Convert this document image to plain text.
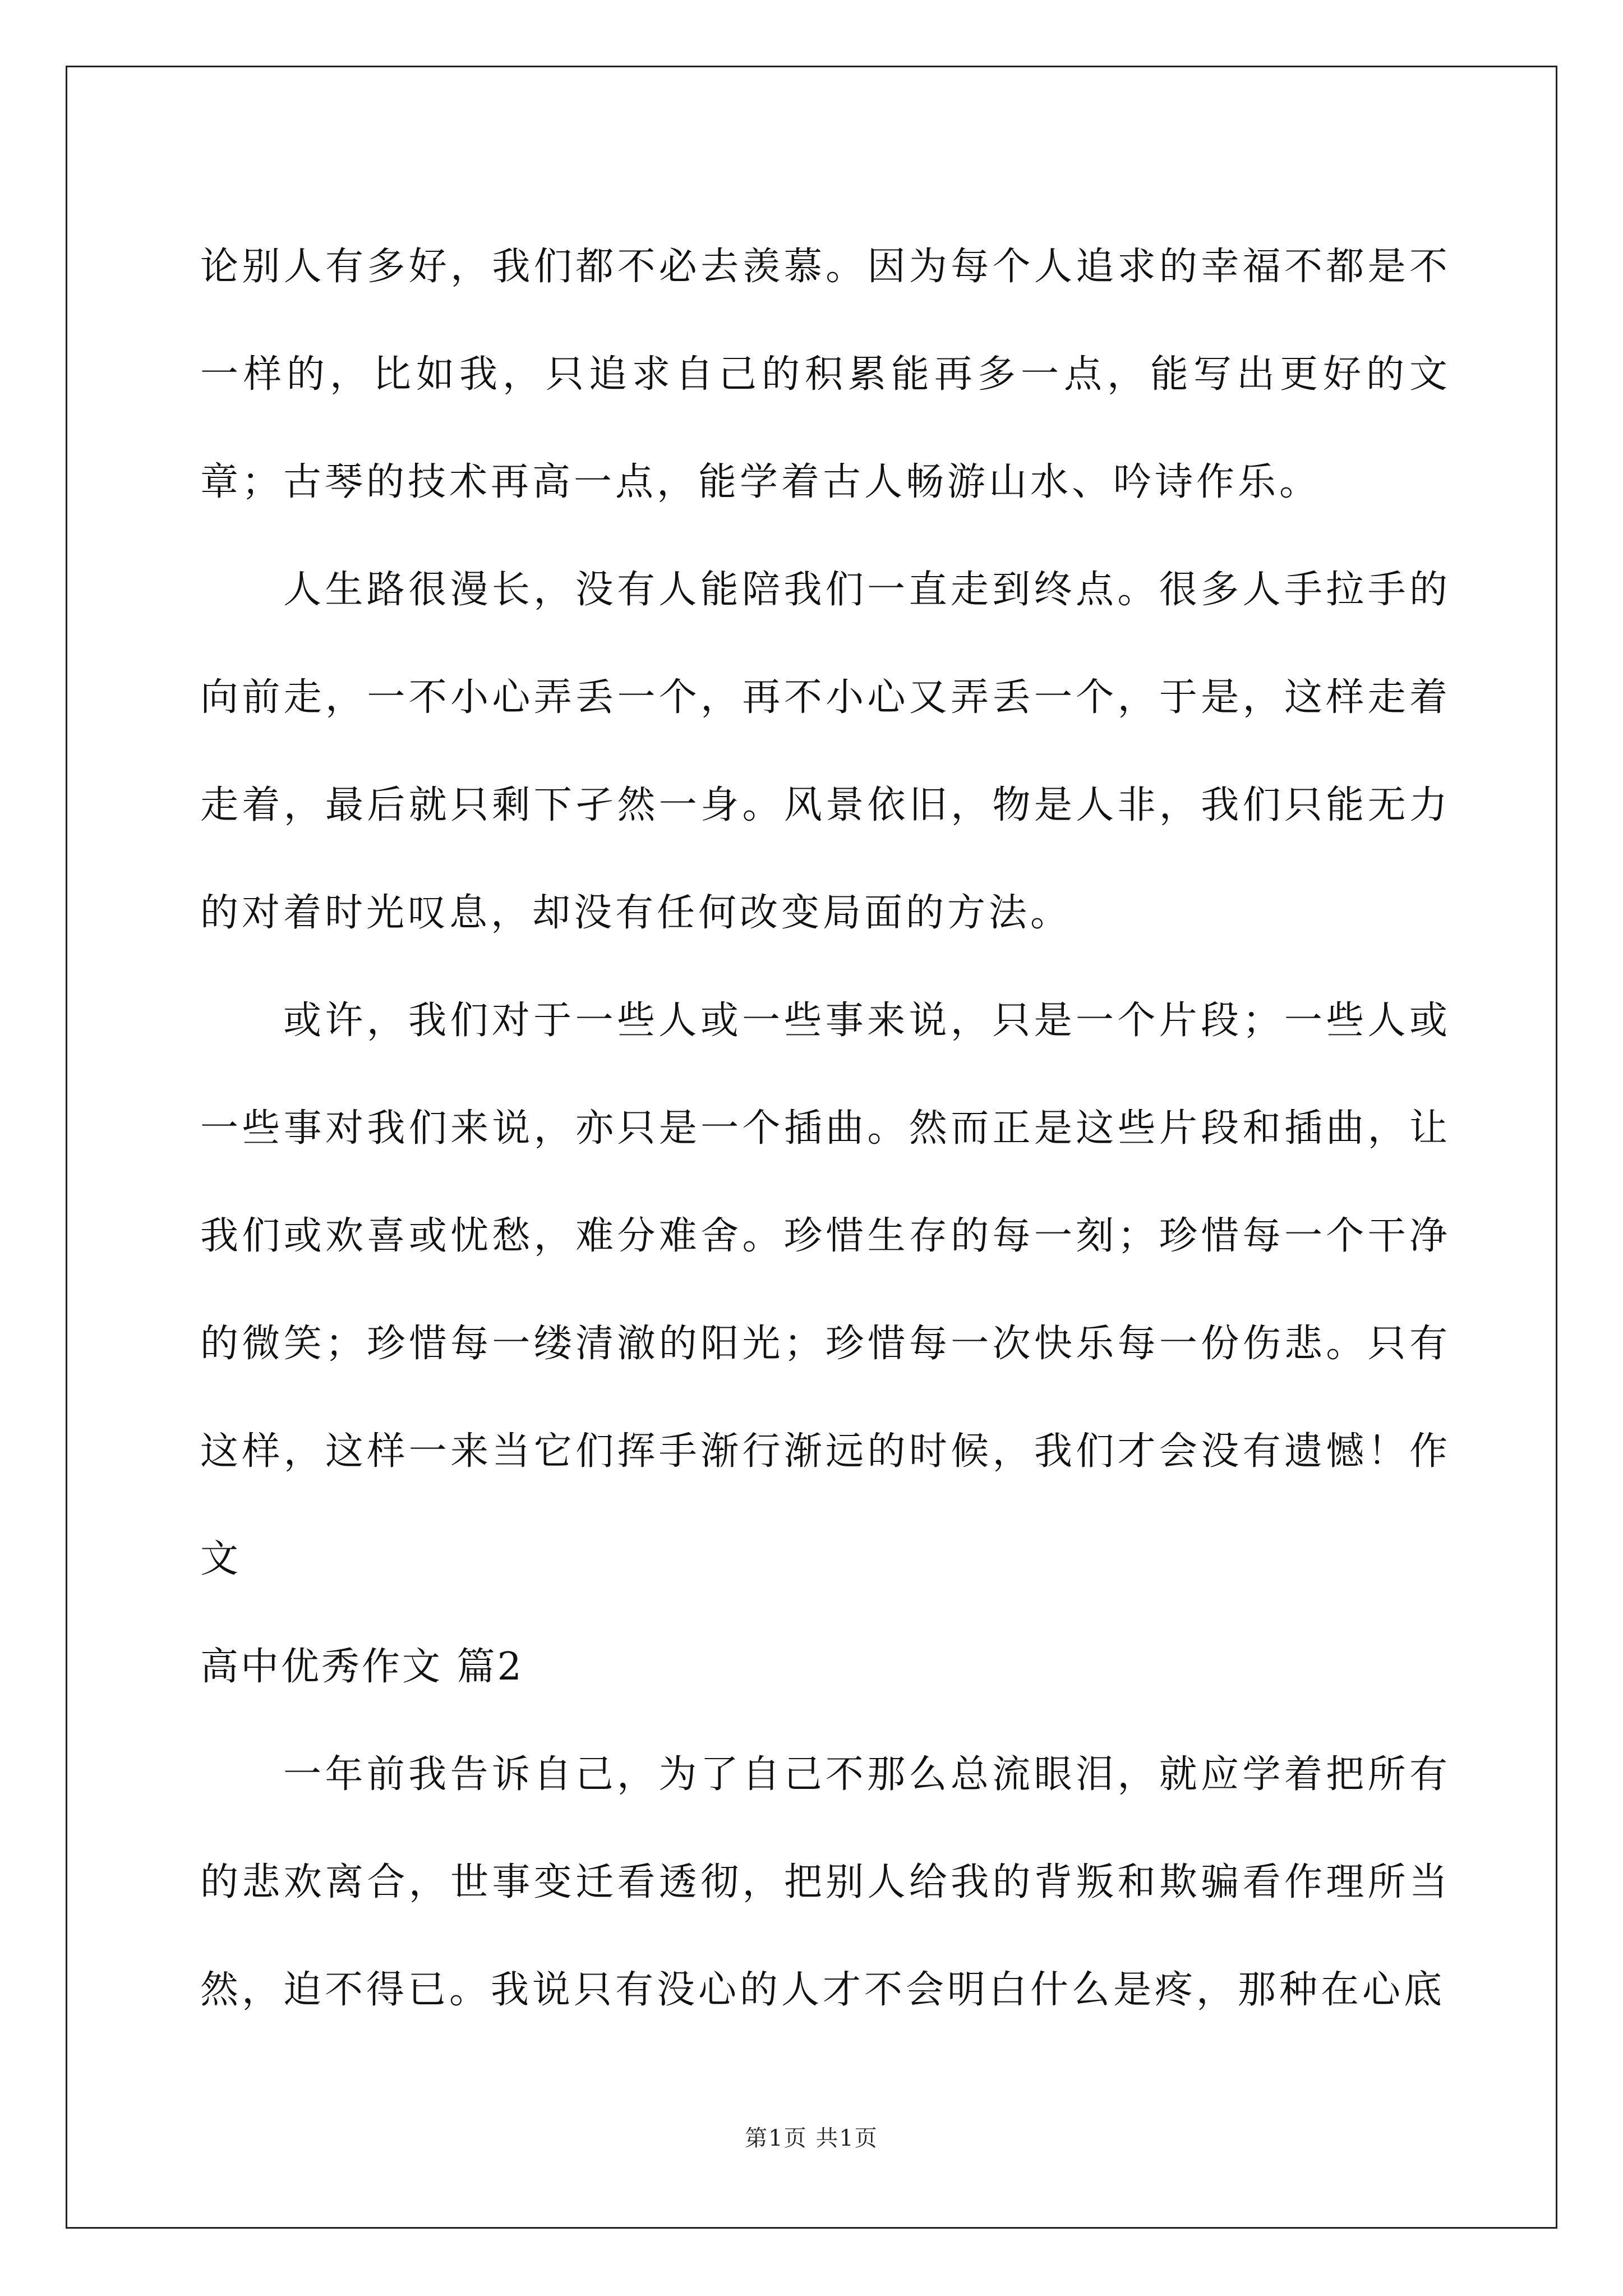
论别人有多好，我们都不必去羡慕。因为每个人追求的幸福不都是不一样的，比如我，只追求自己的积累能再多一点，能写出更好的文章；古琴的技术再高一点，能学着古人畅游山水、吟诗作乐。

人生路很漫长，没有人能陪我们一直走到终点。很多人手拉手的向前走，一不小心弄丢一个，再不小心又弄丢一个，于是，这样走着走着，最后就只剩下孑然一身。风景依旧，物是人非，我们只能无力的对着时光叹息，却没有任何改变局面的方法。

或许，我们对于一些人或一些事来说，只是一个片段；一些人或一些事对我们来说，亦只是一个插曲。然而正是这些片段和插曲，让我们或欢喜或忧愁，难分难舍。珍惜生存的每一刻；珍惜每一个干净的微笑；珍惜每一缕清澈的阳光；珍惜每一次快乐每一份伤悲。只有这样，这样一来当它们挥手渐行渐远的时候，我们才会没有遗憾！作文

高中优秀作文 篇2

一年前我告诉自己，为了自己不那么总流眼泪，就应学着把所有的悲欢离合，世事变迁看透彻，把别人给我的背叛和欺骗看作理所当然，迫不得已。我说只有没心的人才不会明白什么是疼，那种在心底

第1页 共1页
